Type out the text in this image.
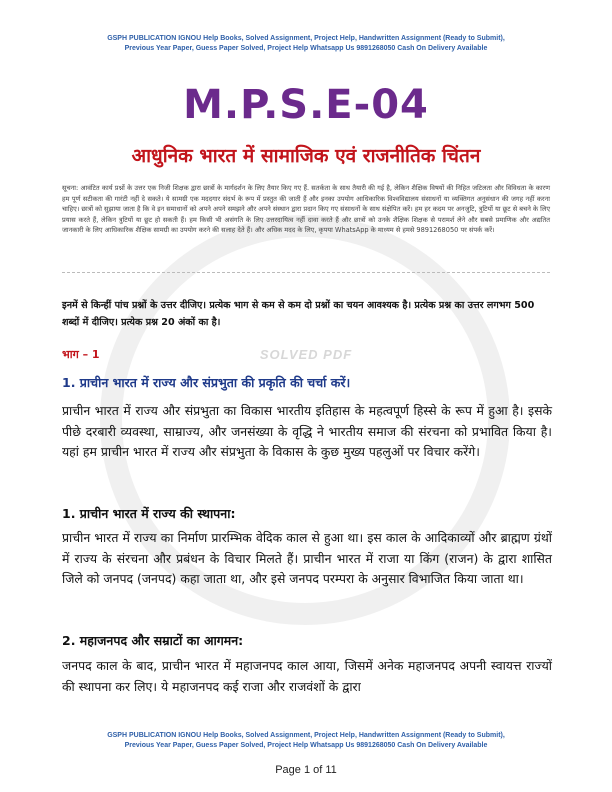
SOLVED PDF
GSPH PUBLICATION IGNOU Help Books, Solved Assignment, Project Help, Handwritten Assignment (Ready to Submit),
Previous Year Paper, Guess Paper Solved, Project Help Whatsapp Us 9891268050 Cash On Delivery Available
M.P.S.E-04
आधुनिक भारत में सामाजिक एवं राजनीतिक चिंतन
सूचना: आवंटित कार्य प्रश्नों के उत्तर एक निजी शिक्षक द्वारा छात्रों के मार्गदर्शन के लिए तैयार किए गए हैं. सतर्कता के साथ तैयारी की गई है, लेकिन शैक्षिक विषयों की निहित जटिलता और विविधता के कारण हम पूर्ण सटीकता की गारंटी नहीं दे सकते। ये सामग्री एक मददगार संदर्भ के रूप में प्रस्तुत की जाती हैं और इनका उपयोग आधिकारिक विश्वविद्यालय संसाधनों या व्यक्तिगत अनुसंधान की जगह नहीं करना चाहिए। छात्रों को सुझाया जाता है कि वे इन समाधानों को अपने अपने समझने और अपने संस्थान द्वारा प्रदान किए गए संसाधनों के साथ संक्षेपित करें। हम हर कदम पर अनजुटि, त्रुटियों या छूट से बचने के लिए प्रयास करते हैं, लेकिन त्रुटियों या छूट हो सकती हैं। हम किसी भी असंगति के लिए उत्तरदायित्व नहीं दावा करते हैं और छात्रों को उनके शैक्षिक शिक्षक से परामर्श लेने और सबसे प्रमाणिक और अद्यतित जानकारी के लिए आधिकारिक शैक्षिक सामग्री का उपयोग करने की सलाह देते हैं। और अधिक मदद के लिए, कृपया WhatsApp के माध्यम से हमसे 9891268050 पर संपर्क करें।
इनमें से किन्हीं पांच प्रश्नों के उत्तर दीजिए। प्रत्येक भाग से कम से कम दो प्रश्नों का चयन आवश्यक है। प्रत्येक प्रश्न का उत्तर लगभग 500 शब्दों में दीजिए। प्रत्येक प्रश्न 20 अंकों का है।
भाग – 1
1. प्राचीन भारत में राज्य और संप्रभुता की प्रकृति की चर्चा करें।
प्राचीन भारत में राज्य और संप्रभुता का विकास भारतीय इतिहास के महत्वपूर्ण हिस्से के रूप में हुआ है। इसके पीछे दरबारी व्यवस्था, साम्राज्य, और जनसंख्या के वृद्धि ने भारतीय समाज की संरचना को प्रभावित किया है। यहां हम प्राचीन भारत में राज्य और संप्रभुता के विकास के कुछ मुख्य पहलुओं पर विचार करेंगे।
1. प्राचीन भारत में राज्य की स्थापना:
प्राचीन भारत में राज्य का निर्माण प्रारम्भिक वेदिक काल से हुआ था। इस काल के आदिकाव्यों और ब्राह्मण ग्रंथों में राज्य के संरचना और प्रबंधन के विचार मिलते हैं। प्राचीन भारत में राजा या किंग (राजन) के द्वारा शासित जिले को जनपद (जनपद) कहा जाता था, और इसे जनपद परम्परा के अनुसार विभाजित किया जाता था।
2. महाजनपद और सम्राटों का आगमन:
जनपद काल के बाद, प्राचीन भारत में महाजनपद काल आया, जिसमें अनेक महाजनपद अपनी स्वायत्त राज्यों की स्थापना कर लिए। ये महाजनपद कई राजा और राजवंशों के द्वारा
GSPH PUBLICATION IGNOU Help Books, Solved Assignment, Project Help, Handwritten Assignment (Ready to Submit),
Previous Year Paper, Guess Paper Solved, Project Help Whatsapp Us 9891268050 Cash On Delivery Available
Page 1 of 11
